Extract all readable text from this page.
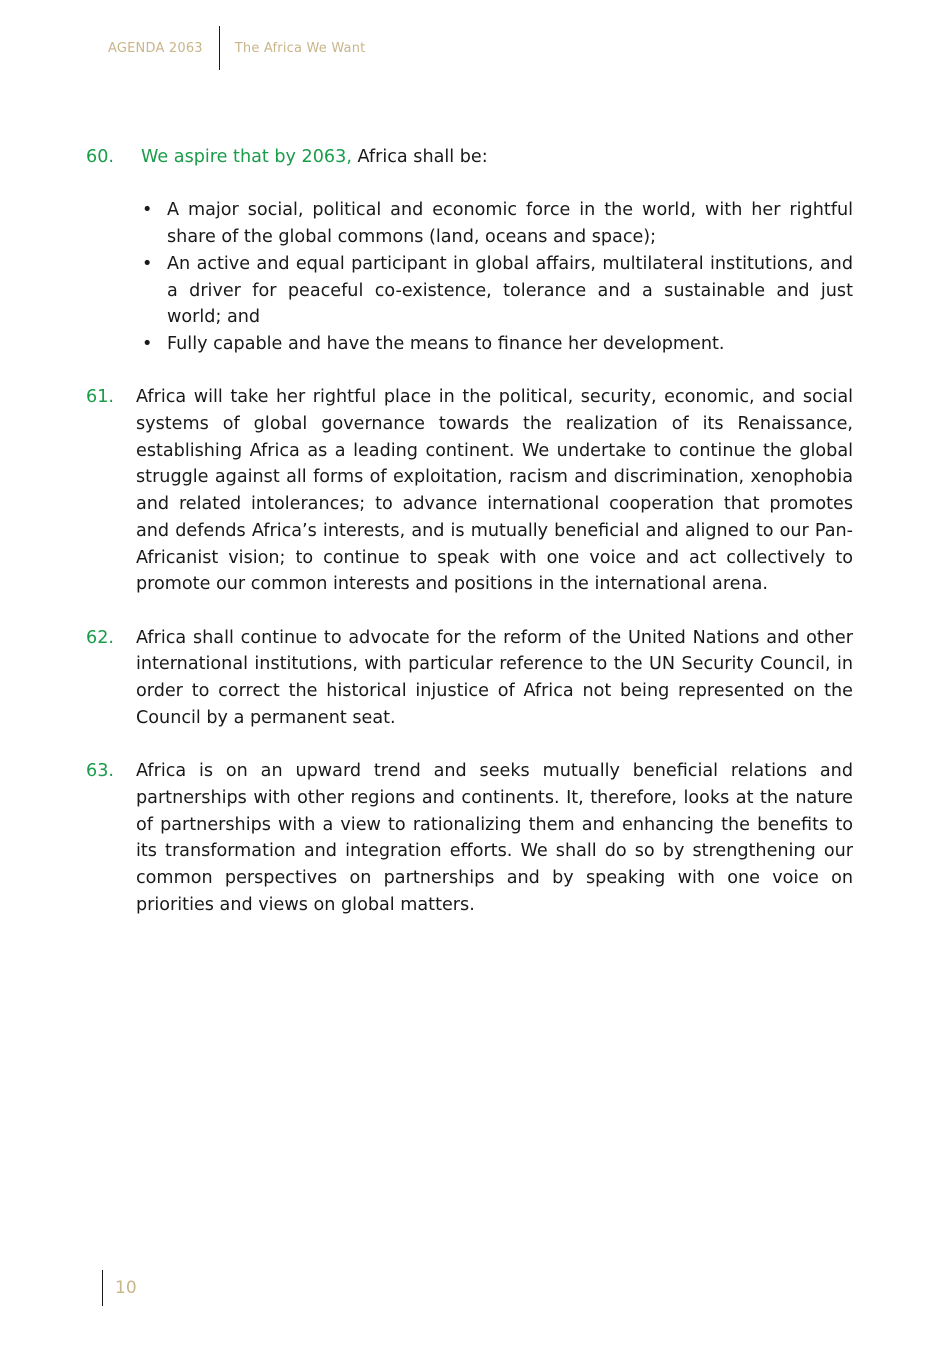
AGENDA 2063 The Africa We Want
60. We aspire that by 2063, Africa shall be:
• A major social, political and economic force in the world, with her rightful share of the global commons (land, oceans and space);
• An active and equal participant in global affairs, multilateral institutions, and a driver for peaceful co-existence, tolerance and a sustainable and just world; and
• Fully capable and have the means to finance her development.
61. Africa will take her rightful place in the political, security, economic, and social systems of global governance towards the realization of its Renaissance, establishing Africa as a leading continent. We undertake to continue the global struggle against all forms of exploitation, racism and discrimination, xenophobia and related intolerances; to advance international cooperation that promotes and defends Africa’s interests, and is mutually beneficial and aligned to our Pan-Africanist vision; to continue to speak with one voice and act collectively to promote our common interests and positions in the international arena.
62. Africa shall continue to advocate for the reform of the United Nations and other international institutions, with particular reference to the UN Security Council, in order to correct the historical injustice of Africa not being represented on the Council by a permanent seat.
63. Africa is on an upward trend and seeks mutually beneficial relations and partnerships with other regions and continents. It, therefore, looks at the nature of partnerships with a view to rationalizing them and enhancing the benefits to its transformation and integration efforts. We shall do so by strengthening our common perspectives on partnerships and by speaking with one voice on priorities and views on global matters.
10
